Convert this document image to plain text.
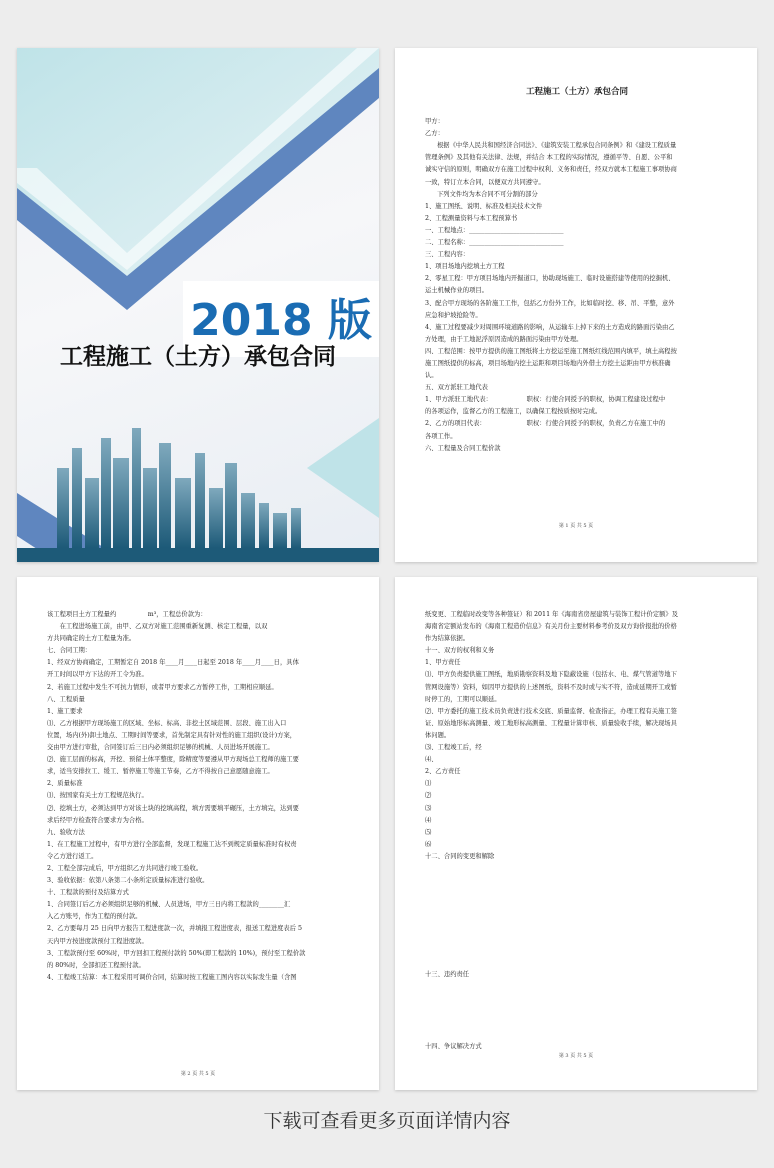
2018 版
工程施工（土方）承包合同
工程施工（土方）承包合同
甲方：
乙方：
根据《中华人民共和国经济合同法》、《建筑安装工程承包合同条例》和《建设工程质量
管理条例》及其他有关法律、法规，并结合 本工程的实际情况，遵循平等、自愿、公平和
诚实守信的原则，明确双方在施工过程中权利、义务和责任，经双方就本工程施工事项协商
一致，特订立本合同，以便双方共同遵守。
下列文件均为本合同不可分割的部分
1、施工图纸、说明、标准及相关技术文件
2、工程测量资料与本工程预算书
一、工程地点：______________________________
二、工程名称：______________________________
三、工程内容：
1、项目场地内挖填土方工程
2、零星工程：甲方项目场地内开掘道口，协助现场施工、临时设施搭建等使用的挖掘机、
运土机械作业的项目。
3、配合甲方现场的各阶施工工作，包括乙方份外工作，比如临时挖、移、吊、平整，意外
应急和护坡抢险等。
4、施工过程要减少对周围环境道路的影响，从运输车上掉下来的土方造成的路面污染由乙
方处理，由于工地泥浮原因造成的路面污染由甲方处理。
四、工程范围：按甲方提供的施工图纸将土方挖运至施工图纸红线范围内填平，填土高程按
施工图纸提供的标高，项目场地内挖土运距和项目场地内外借土方挖土运距由甲方核准确
认。
五、双方派驻工地代表
1、甲方派驻工地代表：　　　　　　职权：行使合同授予的职权，协调工程建设过程中
的各项运作，监督乙方的工程施工，以确保工程按质按时完成。
2、乙方的项目代表：　　　　　　　职权：行使合同授予的职权，负责乙方在施工中的
各项工作。
六、工程量及合同工程价款
第 1 页 共 5 页
该工程项目土方工程量约　　　　　m³，工程总价款为：
　　在工程进场施工前，由甲、乙双方对施工范围重新复测、核定工程量，以双
方共同确定的土方工程量为准。
七、合同工期：
1、经双方协商确定，工期暂定自 2018 年____月____日起至 2018 年____月____日，具体
开工时间以甲方下达的开工令为准。
2、若施工过程中发生不可抗力情形，或者甲方要求乙方暂停工作，工期相应顺延。
八、工程质量
1、施工要求
⑴、乙方根据甲方现场施工的区域、坐标、标高、非挖土区域范围、层段、施工出入口
位置，场内(外)卸土地点、工期时间等要求，首先制定具有针对性的施工组织(设计)方案，
交由甲方进行审批，合同签订后三日内必须组织足够的机械、人员进场开展施工。
⑵、施工层面的标高，开挖、预留土体平整度，除精度等要遵从甲方现场总工程师的施工要
求，适当安排拉工、缓工、暂停施工等施工节奏，乙方不得按自己意愿随意施工。
2、质量标准
⑴、按国家有关土方工程规范执行。
⑵、挖填土方，必须达到甲方对该土块的挖填高程，填方需要填平碾压，土方填完，达到要
求后经甲方检查符合要求方为合格。
九、验收方法
1、在工程施工过程中，有甲方进行全部监督，发现工程施工达不到规定质量标准时有权责
令乙方进行返工。
2、工程全部完成后，甲方组织乙方共同进行竣工验收。
3、验收依据：依第八条第二小条所定质量标准进行验收。
十、工程款的预付及结算方式
1、合同签订后乙方必须组织足够的机械、人员进场，甲方三日内将工程款的________汇
入乙方账号，作为工程的预付款。
2、乙方要每月 25 日向甲方报告工程进度款一次，并填报工程进度表，报送工程进度表后 5
天内甲方按进度款预付工程进度款。
3、工程款预付至 60%时，甲方回扣工程预付款的 50%(即工程款的 10%)，预付至工程价款
的 80%时，全部扣还工程预付款。
4、工程竣工结算：本工程采用可调价合同，结算时按工程施工图内容以实际发生量（含图
第 2 页 共 5 页
纸变更、工程临时改变等各种签证）和 2011 年《海南省房屋建筑与装饰工程计价定额》及
海南省定额站发布的《海南工程造价信息》有关月份主要材料参考价及双方询价报批的价格
作为结算依据。
十一、双方的权利和义务
1、甲方责任
⑴、甲方负责提供施工图纸，地质勘察资料及地下隐蔽设施（包括水、电、煤气管道等地下
管网设施等）资料，如因甲方提供的上述图纸，资料不及时或与实不符，造成延期开工或暂
时停工的，工期可以顺延。
⑵、甲方委托的施工技术员负责进行技术交底、质量监督、检查指正，办理工程有关施工签
证、原始地形标高测量、竣工地形标高测量、工程量计算审核、质量验收手续，解决现场具
体问题。
⑶、工程竣工后，经
⑷、
2、乙方责任
⑴
⑵
⑶
⑷
⑸
⑹
十二、合同的变更和解除
十三、违约责任
十四、争议解决方式
第 3 页 共 5 页
下载可查看更多页面详情内容
